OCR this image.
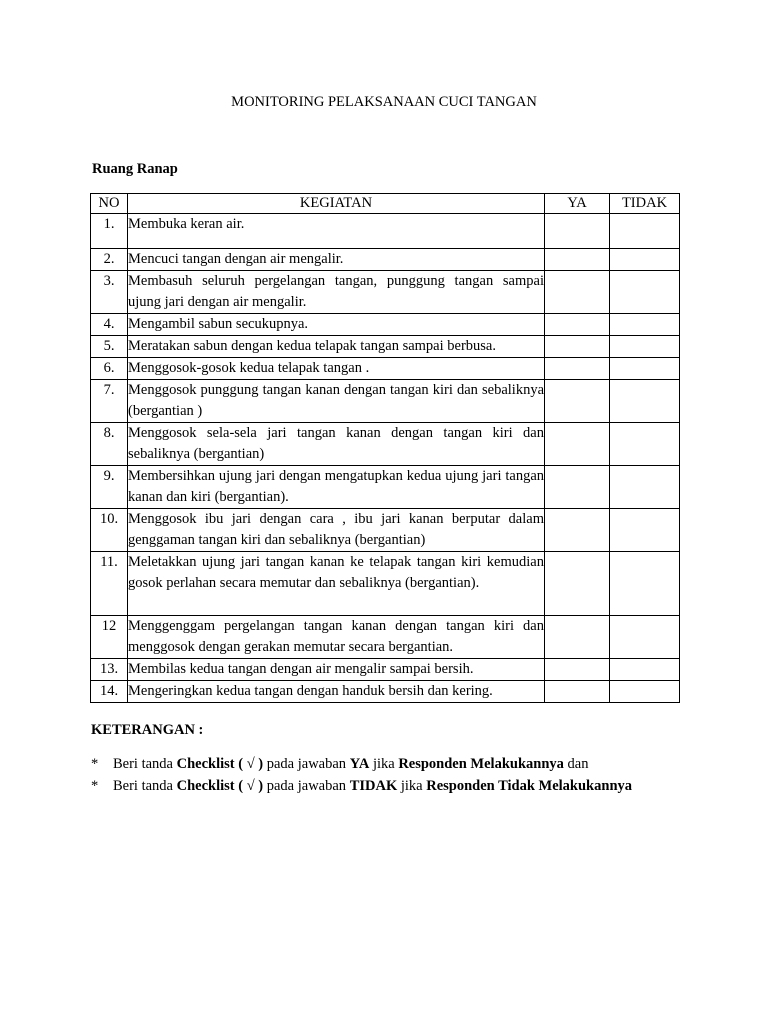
MONITORING PELAKSANAAN CUCI TANGAN
Ruang Ranap
NO	KEGIATAN	YA	TIDAK
1.	Membuka keran air.		
2.	Mencuci tangan dengan air mengalir.		
3.	Membasuh seluruh pergelangan tangan, punggung tangan sampai ujung jari dengan air mengalir.		
4.	Mengambil sabun secukupnya.		
5.	Meratakan sabun dengan kedua telapak tangan sampai berbusa.		
6.	Menggosok-gosok kedua telapak tangan .		
7.	Menggosok punggung tangan kanan dengan tangan kiri dan sebaliknya (bergantian )		
8.	Menggosok sela-sela jari tangan kanan dengan tangan kiri dan sebaliknya (bergantian)		
9.	Membersihkan ujung jari dengan mengatupkan kedua ujung jari tangan kanan dan kiri (bergantian).		
10.	Menggosok ibu jari dengan cara , ibu jari kanan berputar dalam genggaman tangan kiri dan sebaliknya (bergantian)		
11.	Meletakkan ujung jari tangan kanan ke telapak tangan kiri kemudian gosok perlahan secara memutar dan sebaliknya (bergantian).		
12	Menggenggam pergelangan tangan kanan dengan tangan kiri dan menggosok dengan gerakan memutar secara bergantian.		
13.	Membilas kedua tangan dengan air mengalir sampai bersih.		
14.	Mengeringkan kedua tangan dengan handuk bersih dan kering.		
KETERANGAN :
* Beri tanda Checklist ( √ ) pada jawaban YA jika Responden Melakukannya dan
* Beri tanda Checklist ( √ ) pada jawaban TIDAK jika Responden Tidak Melakukannya
